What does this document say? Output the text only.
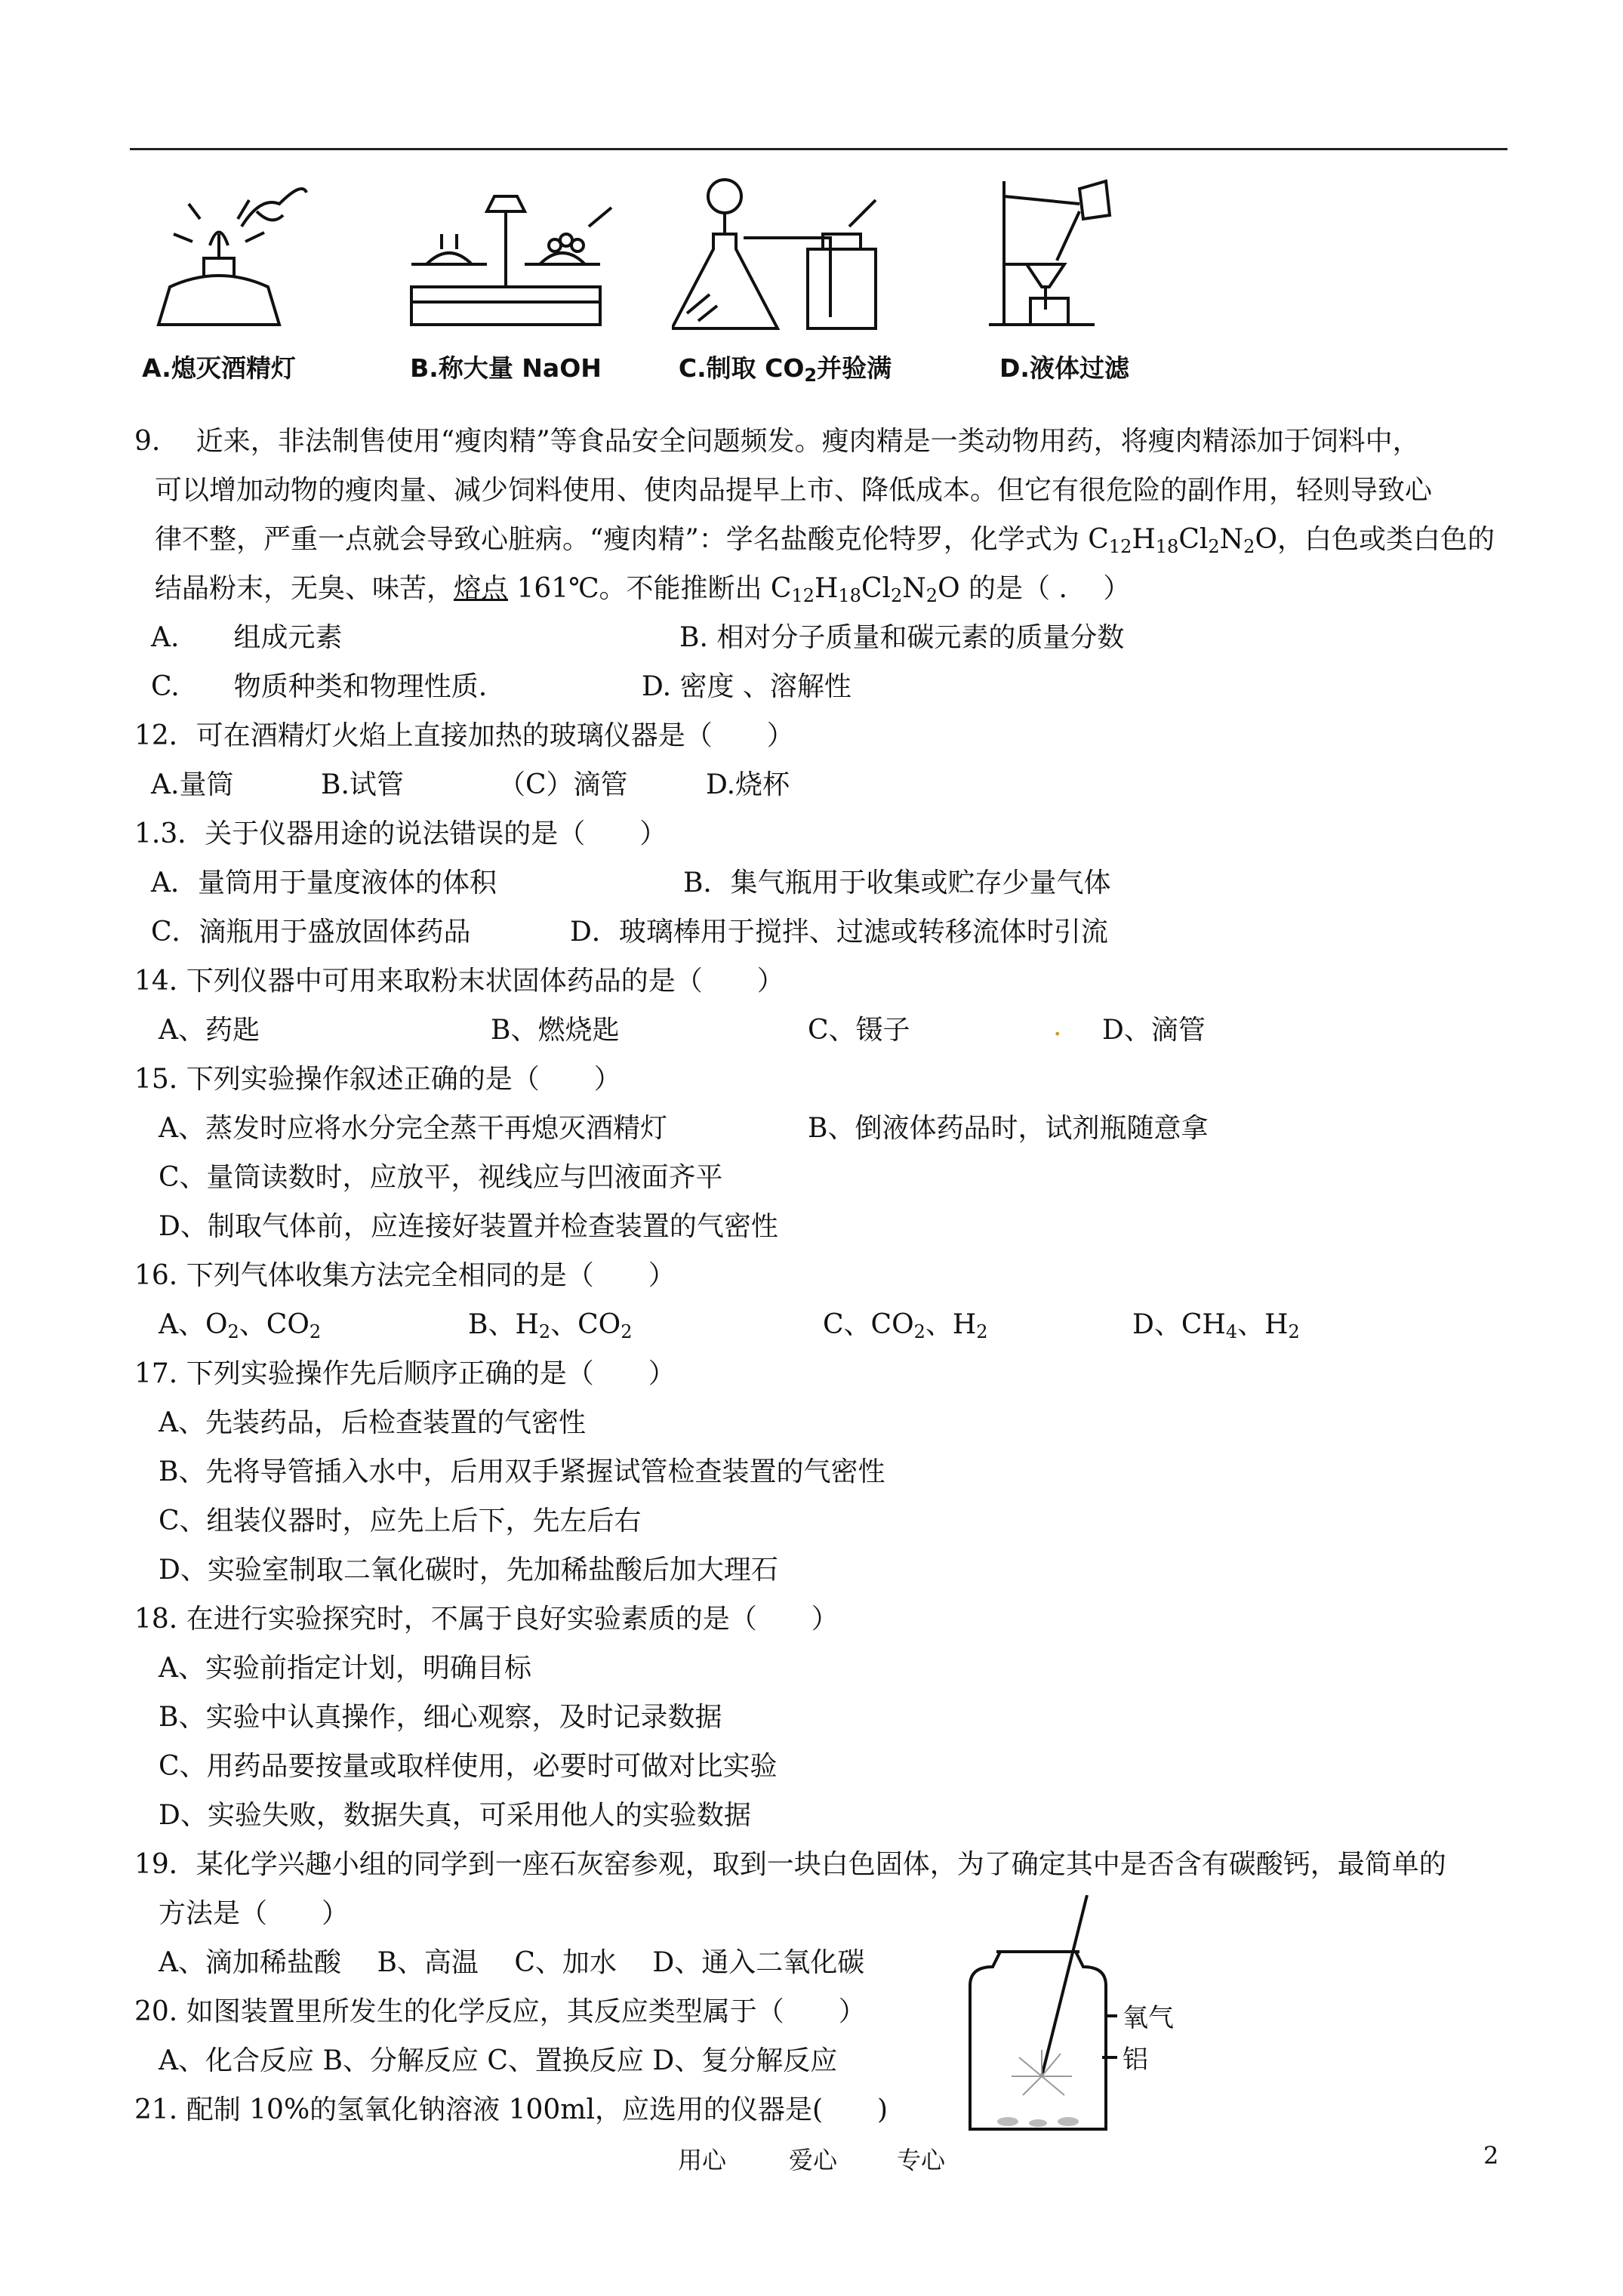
A.熄灭酒精灯	B.称大量 NaOH	C.制取 $CO_2$并验满	D.液体过滤
9.　 近来，非法制售使用“瘦肉精”等食品安全问题频发。瘦肉精是一类动物用药，将瘦肉精添加于饲料中，
可以增加动物的瘦肉量、减少饲料使用、使肉品提早上市、降低成本。但它有很危险的副作用，轻则导致心
律不整，严重一点就会导致心脏病。“瘦肉精”：学名盐酸克伦特罗，化学式为 $C_{12}H_{18}Cl_2N_2O$，白色或类白色的
结晶粉末，无臭、味苦，熔点 161℃。不能推断出 $C_{12}H_{18}Cl_2N_2O$ 的是（ .　 ）
A.　　组成元素	B. 相对分子质量和碳元素的质量分数
C.　　物质种类和物理性质.	D. 密度 、溶解性
12．可在酒精灯火焰上直接加热的玻璃仪器是（　　）
A.量筒	B.试管	（C）滴管	D.烧杯
1.3．关于仪器用途的说法错误的是（　　）
A．量筒用于量度液体的体积	B．集气瓶用于收集或贮存少量气体
C．滴瓶用于盛放固体药品	D．玻璃棒用于搅拌、过滤或转移流体时引流
14. 下列仪器中可用来取粉末状固体药品的是（　　）
A、药匙	B、燃烧匙	C、镊子	. D、滴管
15. 下列实验操作叙述正确的是（　　）
A、蒸发时应将水分完全蒸干再熄灭酒精灯	B、倒液体药品时，试剂瓶随意拿
C、量筒读数时，应放平，视线应与凹液面齐平
D、制取气体前，应连接好装置并检查装置的气密性
16. 下列气体收集方法完全相同的是（　　）
A、$O_2$、$CO_2$	B、$H_2$、$CO_2$	C、$CO_2$、$H_2$	D、$CH_4$、$H_2$
17. 下列实验操作先后顺序正确的是（　　）
A、先装药品，后检查装置的气密性
B、先将导管插入水中，后用双手紧握试管检查装置的气密性
C、组装仪器时，应先上后下，先左后右
D、实验室制取二氧化碳时，先加稀盐酸后加大理石
18. 在进行实验探究时，不属于良好实验素质的是（　　）
A、实验前指定计划，明确目标
B、实验中认真操作，细心观察，及时记录数据
C、用药品要按量或取样使用，必要时可做对比实验
D、实验失败，数据失真，可采用他人的实验数据
19．某化学兴趣小组的同学到一座石灰窑参观，取到一块白色固体，为了确定其中是否含有碳酸钙，最简单的
方法是（　　）
A、滴加稀盐酸　 B、高温　 C、加水　 D、通入二氧化碳
20. 如图装置里所发生的化学反应，其反应类型属于（　　）
A、化合反应 B、分解反应 C、置换反应 D、复分解反应
氧气
铝
21. 配制 10%的氢氧化钠溶液 100ml，应选用的仪器是(　　)
用心	爱心 专心	2
